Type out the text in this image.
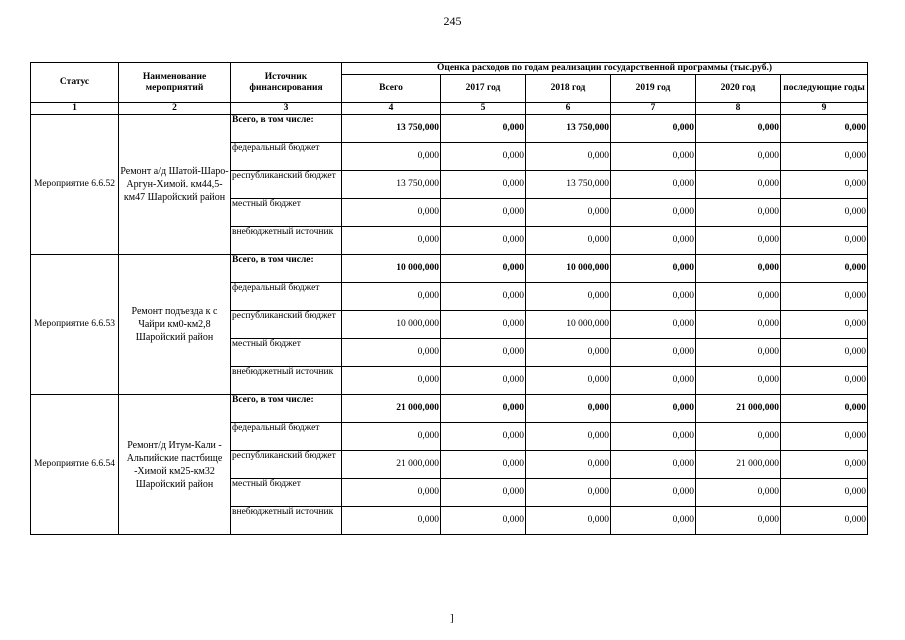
245
Статус	Наименование мероприятий	Источник финансирования	Оценка расходов по годам реализации государственной программы (тыс.руб.)					
			Всего	2017 год	2018 год	2019 год	2020 год	последующие годы
1	2	3	4	5	6	7	8	9
Мероприятие 6.6.52	Ремонт а/д Шатой-Шаро-Аргун-Химой. км44,5-км47 Шаройский район	Всего, в том числе:	13 750,000	0,000	13 750,000	0,000	0,000	0,000
		федеральный бюджет	0,000	0,000	0,000	0,000	0,000	0,000
		республиканский бюджет	13 750,000	0,000	13 750,000	0,000	0,000	0,000
		местный бюджет	0,000	0,000	0,000	0,000	0,000	0,000
		внебюджетный источник	0,000	0,000	0,000	0,000	0,000	0,000
Мероприятие 6.6.53	Ремонт подъезда к с Чайри км0-км2,8 Шаройский район	Всего, в том числе:	10 000,000	0,000	10 000,000	0,000	0,000	0,000
		федеральный бюджет	0,000	0,000	0,000	0,000	0,000	0,000
		республиканский бюджет	10 000,000	0,000	10 000,000	0,000	0,000	0,000
		местный бюджет	0,000	0,000	0,000	0,000	0,000	0,000
		внебюджетный источник	0,000	0,000	0,000	0,000	0,000	0,000
Мероприятие 6.6.54	Ремонт/д Итум-Кали - Альпийские пастбище -Химой км25-км32 Шаройский район	Всего, в том числе:	21 000,000	0,000	0,000	0,000	21 000,000	0,000
		федеральный бюджет	0,000	0,000	0,000	0,000	0,000	0,000
		республиканский бюджет	21 000,000	0,000	0,000	0,000	21 000,000	0,000
		местный бюджет	0,000	0,000	0,000	0,000	0,000	0,000
		внебюджетный источник	0,000	0,000	0,000	0,000	0,000	0,000
]
